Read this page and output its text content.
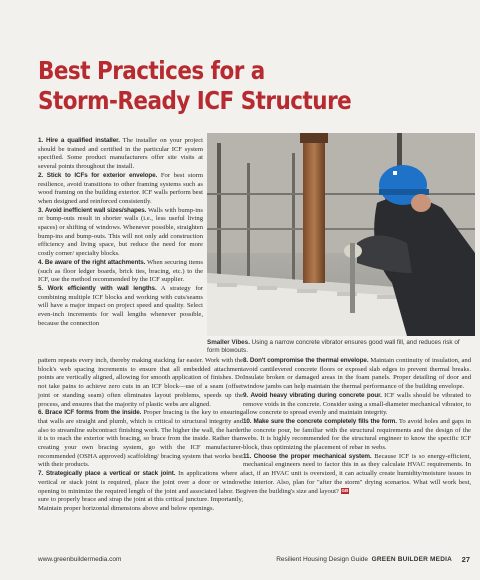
Best Practices for a
Storm-Ready ICF Structure
Smaller Vibes. Using a narrow concrete vibrator ensures good wall fill, and reduces risk of form blowouts.

1. Hire a qualified installer. The installer on your project should be trained and certified in the particular ICF system specified. Some product manufacturers offer site visits at several points throughout the install.

2. Stick to ICFs for exterior envelope. For best storm resilience, avoid transitions to other framing systems such as wood framing on the building exterior. ICF walls perform best when designed and reinforced consistently.

3. Avoid inefficient wall sizes/shapes. Walls with bump-ins or bump-outs result in shorter walls (i.e., less useful living spaces) or shifting of windows. Whenever possible, straighten bump-ins and bump-outs. This will not only add construction efficiency and living space, but reduce the need for more costly corner/ specialty blocks.

4. Be aware of the right attachments. When securing items (such as floor ledger boards, brick ties, bracing, etc.) to the ICF, use the method recommended by the ICF supplier.

5. Work efficiently with wall lengths. A strategy for combining multiple ICF blocks and working with cuts/seams will have a major impact on project speed and quality. Select even-inch increments for wall lengths whenever possible, because the connection

pattern repeats every inch, thereby making stacking far easier. Work with the block's web spacing increments to ensure that all embedded attachment points are vertically aligned, allowing for smooth application of finishes. Do not take pains to achieve zero cuts in an ICF block—use of a seam (offset joint or standing seam) often eliminates layout problems, speeds up the process, and ensures that the majority of plastic webs are aligned.

6. Brace ICF forms from the inside. Proper bracing is the key to ensuring that walls are straight and plumb, which is critical to structural integrity and also to streamline subcontract finishing work. The higher the wall, the harder it is to reach the exterior with bracing, so brace from the inside. Rather than creating your own bracing system, go with the ICF manufacturer-recommended (OSHA approved) scaffolding/ bracing system that works best with their products.

7. Strategically place a vertical or stack joint. In applications where a vertical or stack joint is required, place the joint over a door or window opening to minimize the required length of the joint and associated labor. Be sure to properly brace and strap the joint at this critical juncture. Importantly, Maintain proper horizontal dimensions above and below openings.

8. Don't compromise the thermal envelope. Maintain continuity of insulation, and avoid cantilevered concrete floors or exposed slab edges to prevent thermal breaks. Insulate broken or damaged areas in the foam panels. Proper detailing of door and window jambs can help maintain the thermal performance of the building envelope.

9. Avoid heavy vibrating during concrete pour. ICF walls should be vibrated to remove voids in the concrete. Consider using a small-diameter mechanical vibrator, to allow concrete to spread evenly and maintain integrity.

10. Make sure the concrete completely fills the form. To avoid holes and gaps in the concrete pour, be familiar with the structural requirements and the design of the webs. It is highly recommended for the structural engineer to know the specific ICF block, thus optimizing the placement of rebar in webs.

11. Choose the proper mechanical system. Because ICF is so energy-efficient, mechanical engineers need to factor this in as they calculate HVAC requirements. In fact, if an HVAC unit is oversized, it can actually create humidity/moisture issues in the interior. Also, plan for "after the storm" drying scenarios. What will work best, given the building's size and layout? GB

www.greenbuildermedia.com	Resilient Housing Design Guide GREEN BUILDER MEDIA 27
